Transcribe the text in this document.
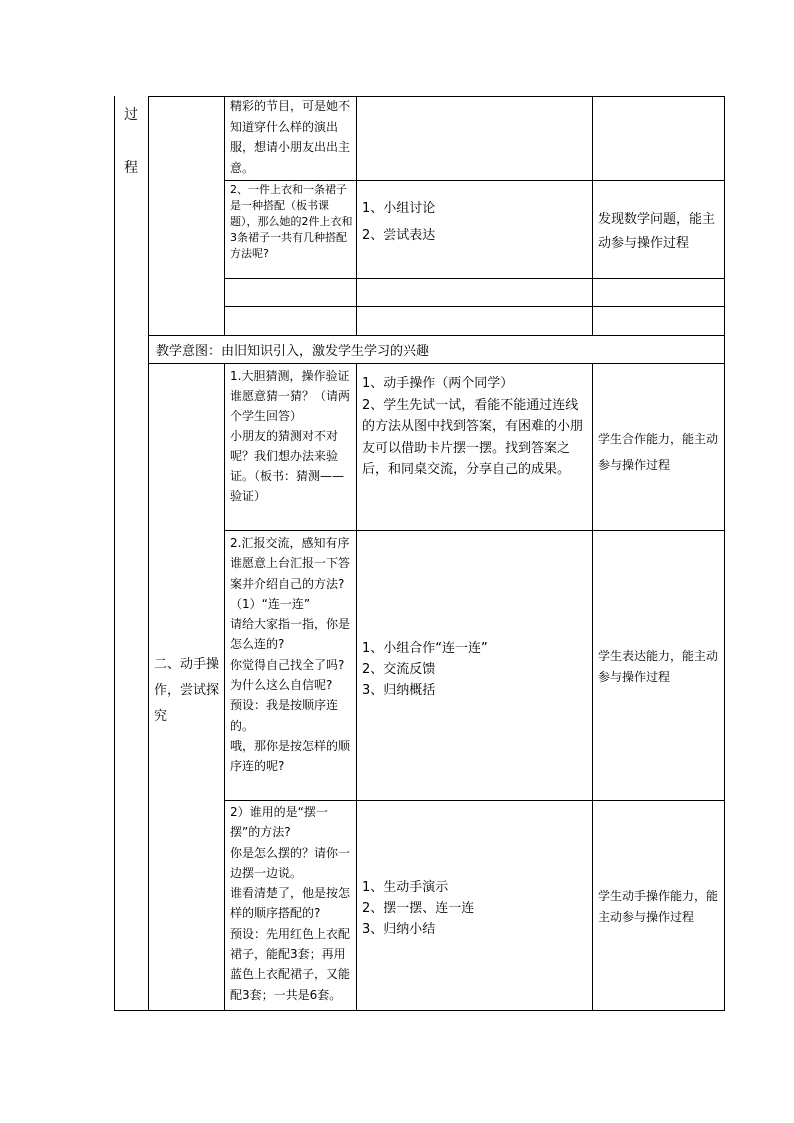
过
程
精彩的节目，可是她不知道穿什么样的演出服，想请小朋友出出主意。
2、一件上衣和一条裙子是一种搭配（板书课题），那么她的2件上衣和3条裙子一共有几种搭配方法呢?
1、小组讨论
2、尝试表达
发现数学问题，能主动参与操作过程
教学意图：由旧知识引入，激发学生学习的兴趣
二、动手操作，尝试探究

1.大胆猜测，操作验证

谁愿意猜一猜？（请两个学生回答）

小朋友的猜测对不对呢？我们想办法来验证。（板书：猜测——验证）

1、动手操作（两个同学）

2、学生先试一试，看能不能通过连线的方法从图中找到答案，有困难的小朋友可以借助卡片摆一摆。找到答案之后，和同桌交流，分享自己的成果。

学生合作能力，能主动参与操作过程

2.汇报交流，感知有序

谁愿意上台汇报一下答案并介绍自己的方法?

（1）“连一连”

请给大家指一指，你是怎么连的?

你觉得自己找全了吗?为什么这么自信呢?

预设：我是按顺序连的。

哦，那你是按怎样的顺序连的呢?

1、小组合作“连一连”
2、交流反馈
3、归纳概括
学生表达能力，能主动参与操作过程

2）谁用的是“摆一摆”的方法?

你是怎么摆的？请你一边摆一边说。

谁看清楚了，他是按怎样的顺序搭配的?

预设：先用红色上衣配裙子，能配3套；再用蓝色上衣配裙子，又能配3套；一共是6套。

1、生动手演示
2、摆一摆、连一连
3、归纳小结
学生动手操作能力，能主动参与操作过程
